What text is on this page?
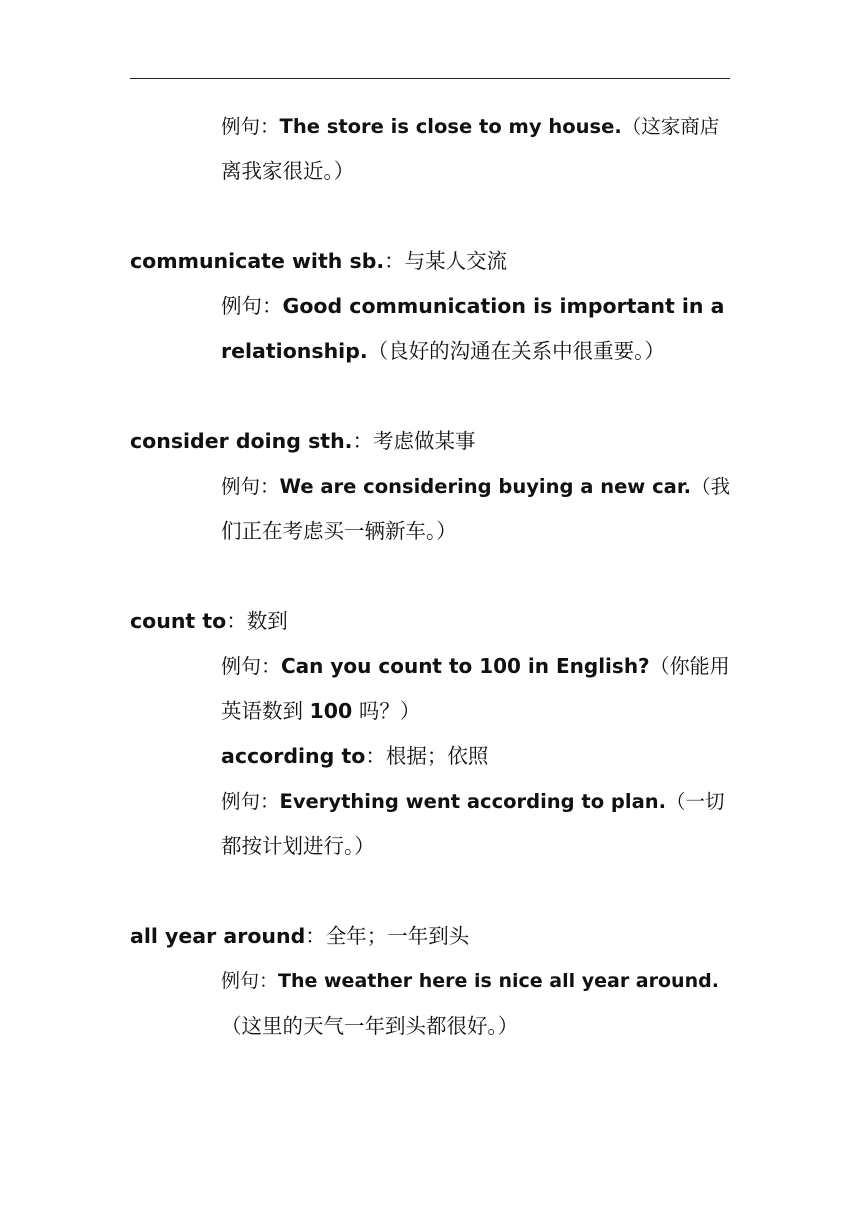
例句：The store is close to my house.（这家商店
离我家很近。）
communicate with sb.：与某人交流
例句：Good communication is important in a
relationship.（良好的沟通在关系中很重要。）
consider doing sth.：考虑做某事
例句：We are considering buying a new car.（我
们正在考虑买一辆新车。）
count to：数到
例句：Can you count to 100 in English?（你能用
英语数到 100 吗？）
according to：根据；依照
例句：Everything went according to plan.（一切
都按计划进行。）
all year around：全年；一年到头
例句：The weather here is nice all year around.
（这里的天气一年到头都很好。）
